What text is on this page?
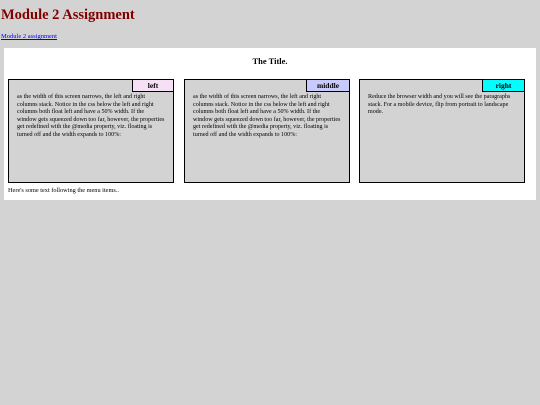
Module 2 Assignment
Module 2 assignment
The Title.
left

as the width of this screen narrows, the left and right columns stack. Notice in the css below the left and right columns both float left and have a 50% width. If the window gets squeezed down too far, however, the properties get redefined with the @media property, viz. floating is turned off and the width expands to 100%:

middle

as the width of this screen narrows, the left and right columns stack. Notice in the css below the left and right columns both float left and have a 50% width. If the window gets squeezed down too far, however, the properties get redefined with the @media property, viz. floating is turned off and the width expands to 100%:

right

Reduce the browser width and you will see the paragraphs stack. For a mobile device, flip from portrait to landscape mode.

Here's some text following the menu items..
